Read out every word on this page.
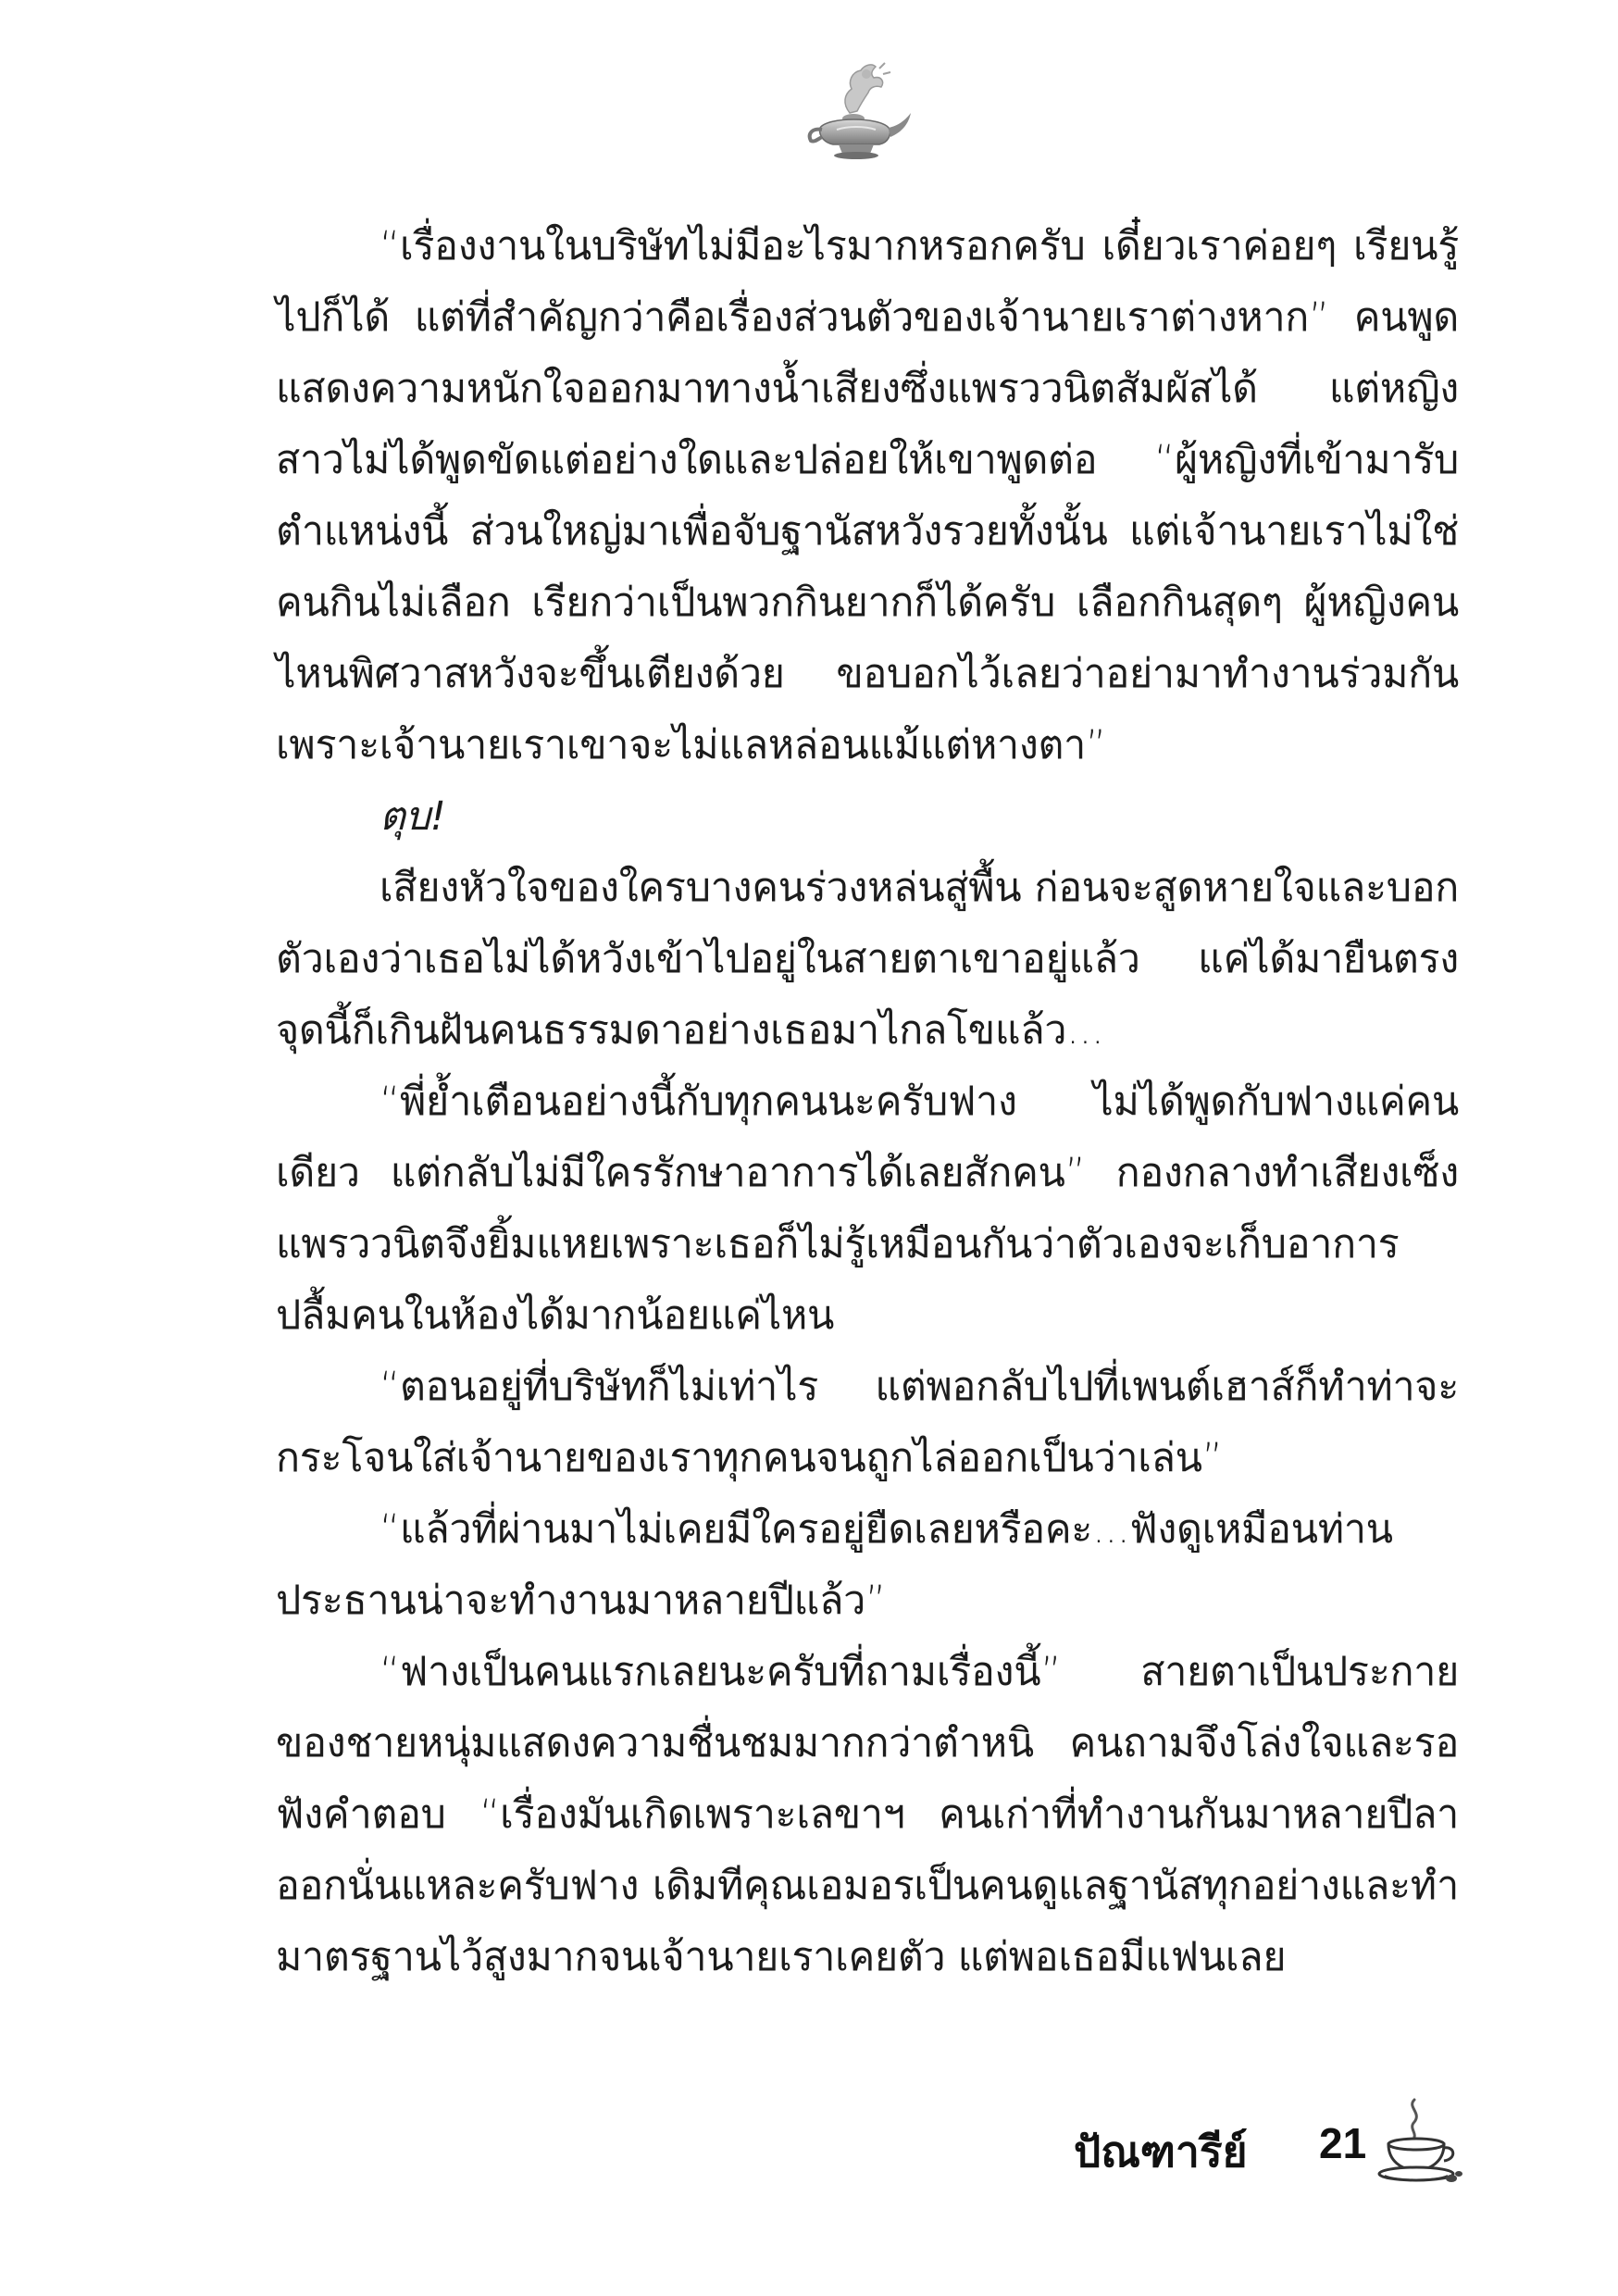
“เรื่องงานในบริษัทไม่มีอะไรมากหรอกครับ เดี๋ยวเราค่อยๆ เรียนรู้ไปก็ได้ แต่ที่สำคัญกว่าคือเรื่องส่วนตัวของเจ้านายเราต่างหาก” คนพูดแสดงความหนักใจออกมาทางน้ำเสียงซึ่งแพรววนิตสัมผัสได้ แต่หญิงสาวไม่ได้พูดขัดแต่อย่างใดและปล่อยให้เขาพูดต่อ “ผู้หญิงที่เข้ามารับตำแหน่งนี้ ส่วนใหญ่มาเพื่อจับฐานัสหวังรวยทั้งนั้น แต่เจ้านายเราไม่ใช่คนกินไม่เลือก เรียกว่าเป็นพวกกินยากก็ได้ครับ เลือกกินสุดๆ ผู้หญิงคนไหนพิศวาสหวังจะขึ้นเตียงด้วย ขอบอกไว้เลยว่าอย่ามาทำงานร่วมกัน เพราะเจ้านายเราเขาจะไม่แลหล่อนแม้แต่หางตา”

ตุบ!

เสียงหัวใจของใครบางคนร่วงหล่นสู่พื้น ก่อนจะสูดหายใจและบอกตัวเองว่าเธอไม่ได้หวังเข้าไปอยู่ในสายตาเขาอยู่แล้ว แค่ได้มายืนตรงจุดนี้ก็เกินฝันคนธรรมดาอย่างเธอมาไกลโขแล้ว...

“พี่ย้ำเตือนอย่างนี้กับทุกคนนะครับฟาง ไม่ได้พูดกับฟางแค่คนเดียว แต่กลับไม่มีใครรักษาอาการได้เลยสักคน” กองกลางทำเสียงเซ็ง แพรววนิตจึงยิ้มแหยเพราะเธอก็ไม่รู้เหมือนกันว่าตัวเองจะเก็บอาการปลื้มคนในห้องได้มากน้อยแค่ไหน

“ตอนอยู่ที่บริษัทก็ไม่เท่าไร แต่พอกลับไปที่เพนต์เฮาส์ก็ทำท่าจะกระโจนใส่เจ้านายของเราทุกคนจนถูกไล่ออกเป็นว่าเล่น”

“แล้วที่ผ่านมาไม่เคยมีใครอยู่ยืดเลยหรือคะ...ฟังดูเหมือนท่านประธานน่าจะทำงานมาหลายปีแล้ว”

“ฟางเป็นคนแรกเลยนะครับที่ถามเรื่องนี้” สายตาเป็นประกายของชายหนุ่มแสดงความชื่นชมมากกว่าตำหนิ คนถามจึงโล่งใจและรอฟังคำตอบ “เรื่องมันเกิดเพราะเลขาฯ คนเก่าที่ทำงานกันมาหลายปีลาออกนั่นแหละครับฟาง เดิมทีคุณเอมอรเป็นคนดูแลฐานัสทุกอย่างและทำมาตรฐานไว้สูงมากจนเจ้านายเราเคยตัว แต่พอเธอมีแฟนเลย

ปัณฑารีย์ 21
